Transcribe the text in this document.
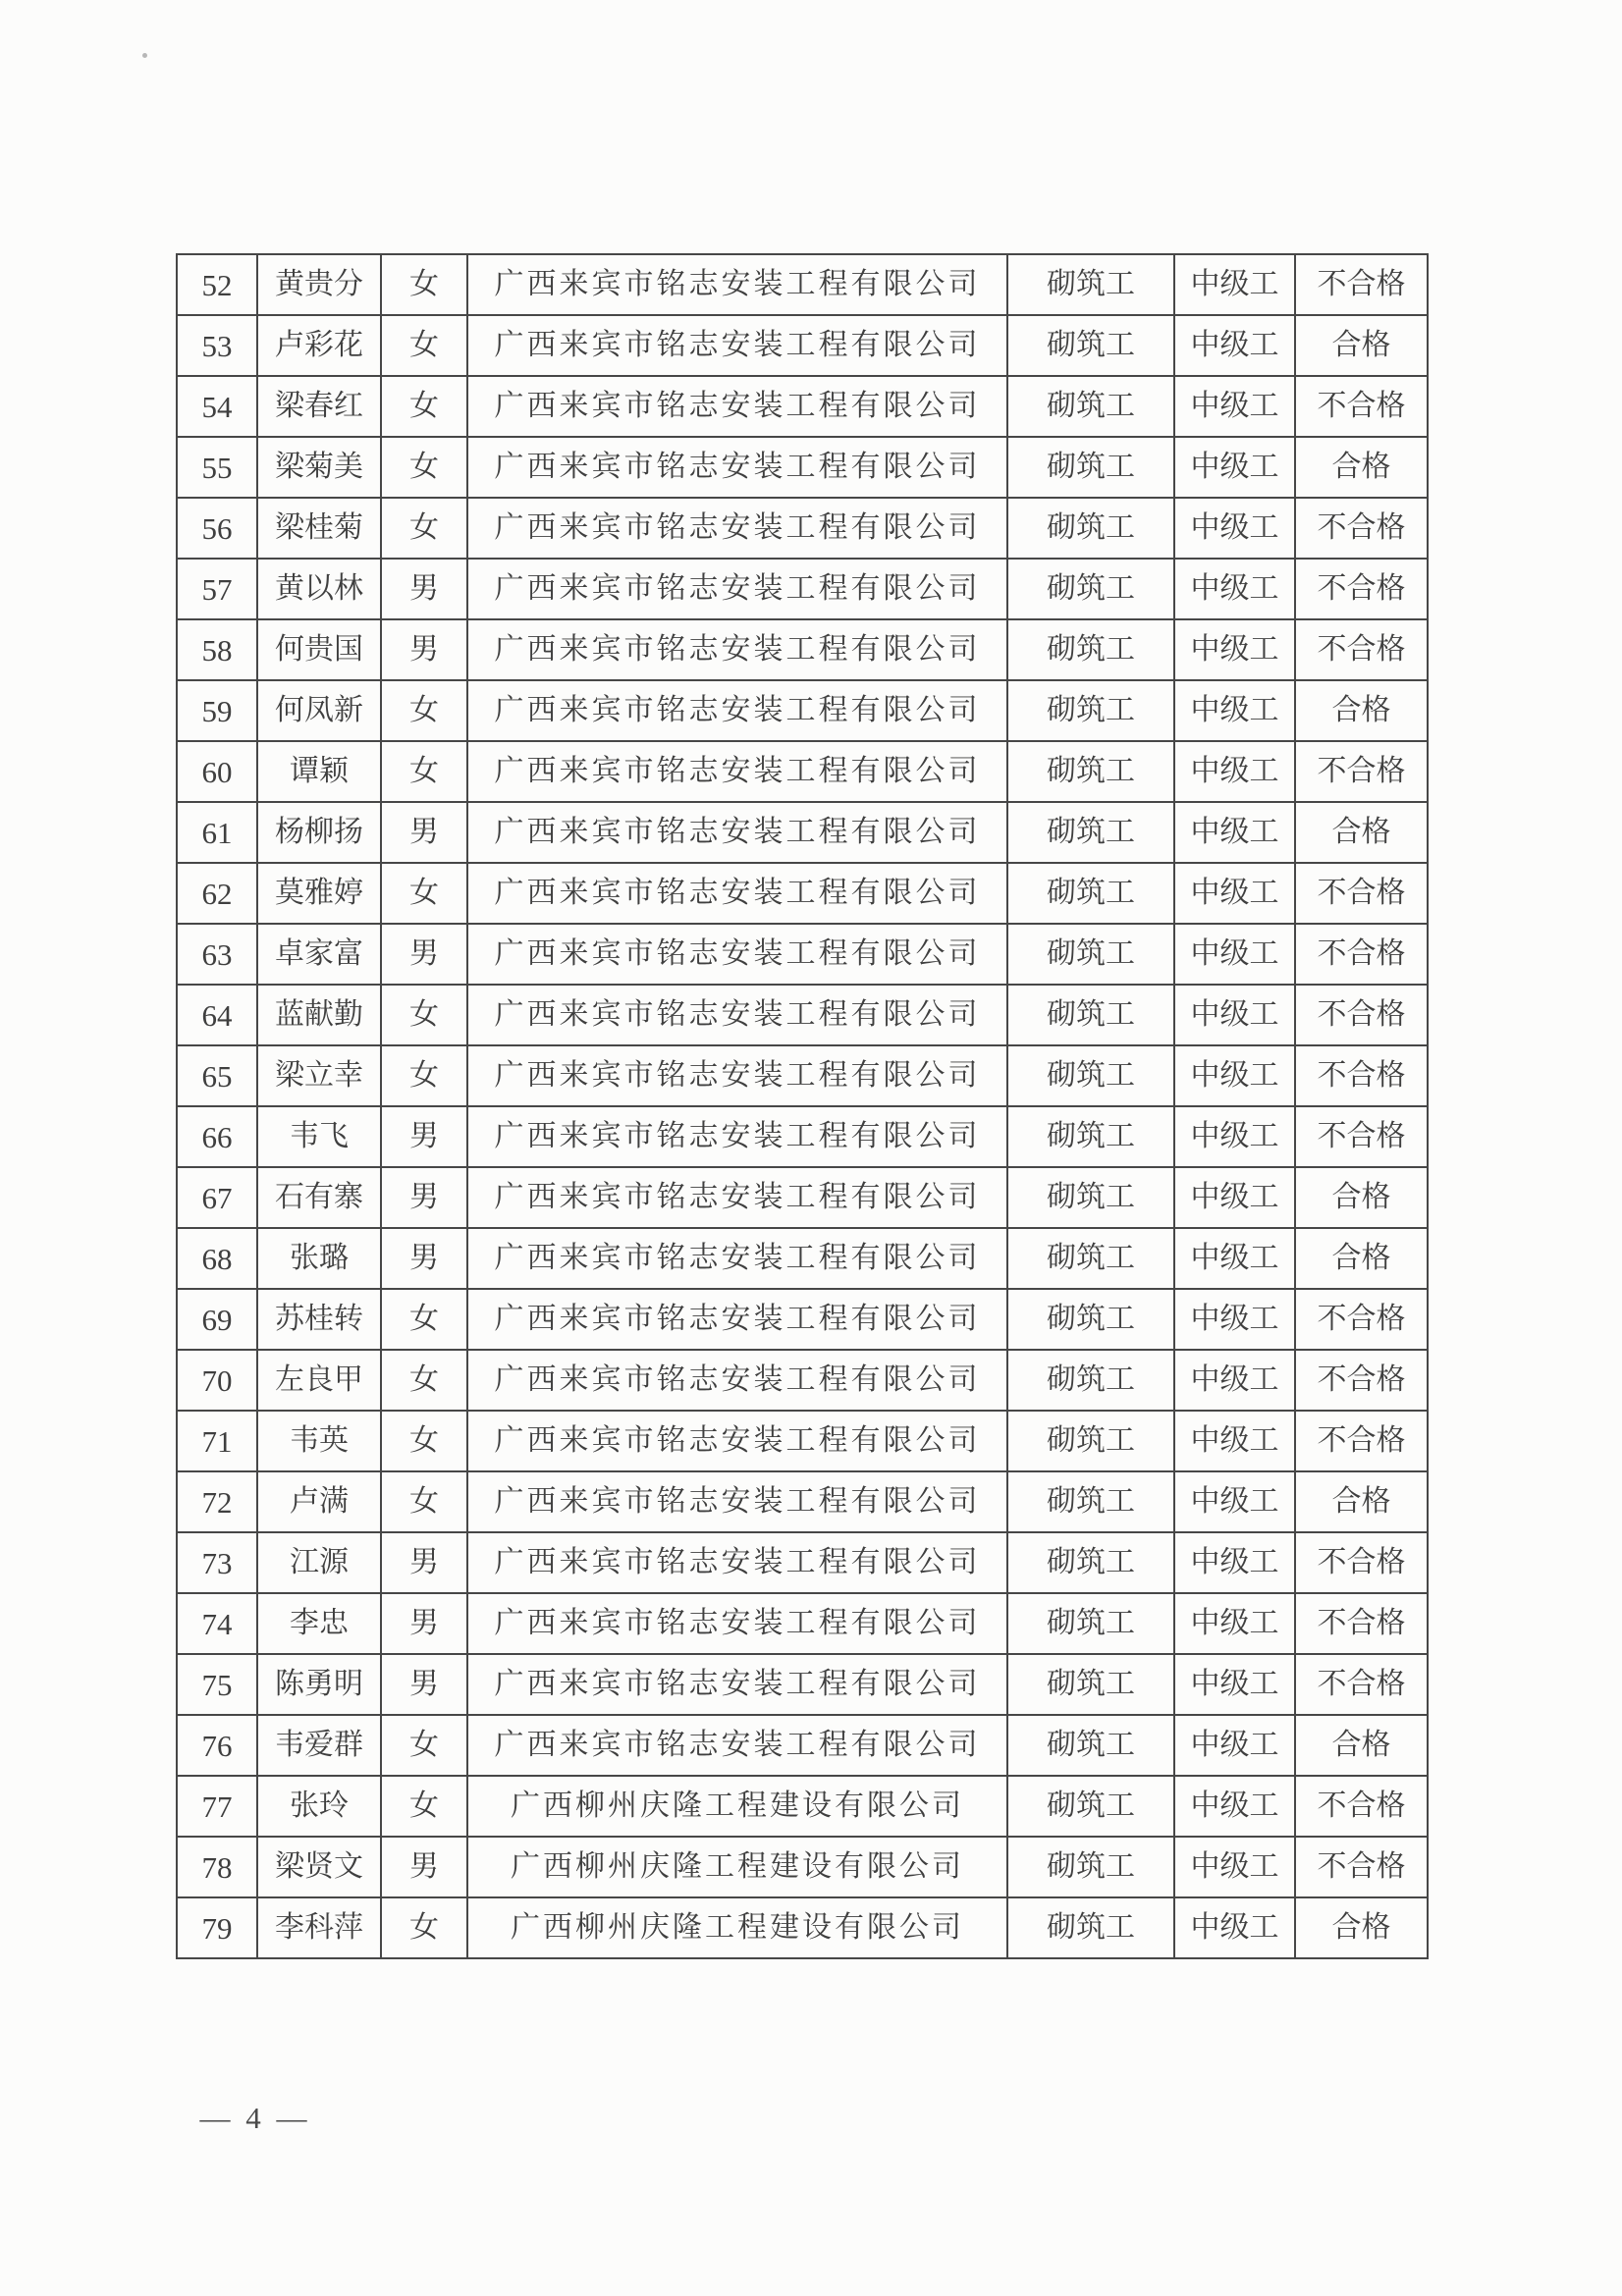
52	黄贵分	女	广西来宾市铭志安装工程有限公司	砌筑工	中级工	不合格
53	卢彩花	女	广西来宾市铭志安装工程有限公司	砌筑工	中级工	合格
54	梁春红	女	广西来宾市铭志安装工程有限公司	砌筑工	中级工	不合格
55	梁菊美	女	广西来宾市铭志安装工程有限公司	砌筑工	中级工	合格
56	梁桂菊	女	广西来宾市铭志安装工程有限公司	砌筑工	中级工	不合格
57	黄以林	男	广西来宾市铭志安装工程有限公司	砌筑工	中级工	不合格
58	何贵国	男	广西来宾市铭志安装工程有限公司	砌筑工	中级工	不合格
59	何凤新	女	广西来宾市铭志安装工程有限公司	砌筑工	中级工	合格
60	谭颖	女	广西来宾市铭志安装工程有限公司	砌筑工	中级工	不合格
61	杨柳扬	男	广西来宾市铭志安装工程有限公司	砌筑工	中级工	合格
62	莫雅婷	女	广西来宾市铭志安装工程有限公司	砌筑工	中级工	不合格
63	卓家富	男	广西来宾市铭志安装工程有限公司	砌筑工	中级工	不合格
64	蓝献勤	女	广西来宾市铭志安装工程有限公司	砌筑工	中级工	不合格
65	梁立幸	女	广西来宾市铭志安装工程有限公司	砌筑工	中级工	不合格
66	韦飞	男	广西来宾市铭志安装工程有限公司	砌筑工	中级工	不合格
67	石有寨	男	广西来宾市铭志安装工程有限公司	砌筑工	中级工	合格
68	张璐	男	广西来宾市铭志安装工程有限公司	砌筑工	中级工	合格
69	苏桂转	女	广西来宾市铭志安装工程有限公司	砌筑工	中级工	不合格
70	左良甲	女	广西来宾市铭志安装工程有限公司	砌筑工	中级工	不合格
71	韦英	女	广西来宾市铭志安装工程有限公司	砌筑工	中级工	不合格
72	卢满	女	广西来宾市铭志安装工程有限公司	砌筑工	中级工	合格
73	江源	男	广西来宾市铭志安装工程有限公司	砌筑工	中级工	不合格
74	李忠	男	广西来宾市铭志安装工程有限公司	砌筑工	中级工	不合格
75	陈勇明	男	广西来宾市铭志安装工程有限公司	砌筑工	中级工	不合格
76	韦爱群	女	广西来宾市铭志安装工程有限公司	砌筑工	中级工	合格
77	张玲	女	广西柳州庆隆工程建设有限公司	砌筑工	中级工	不合格
78	梁贤文	男	广西柳州庆隆工程建设有限公司	砌筑工	中级工	不合格
79	李科萍	女	广西柳州庆隆工程建设有限公司	砌筑工	中级工	合格
— 4 —
